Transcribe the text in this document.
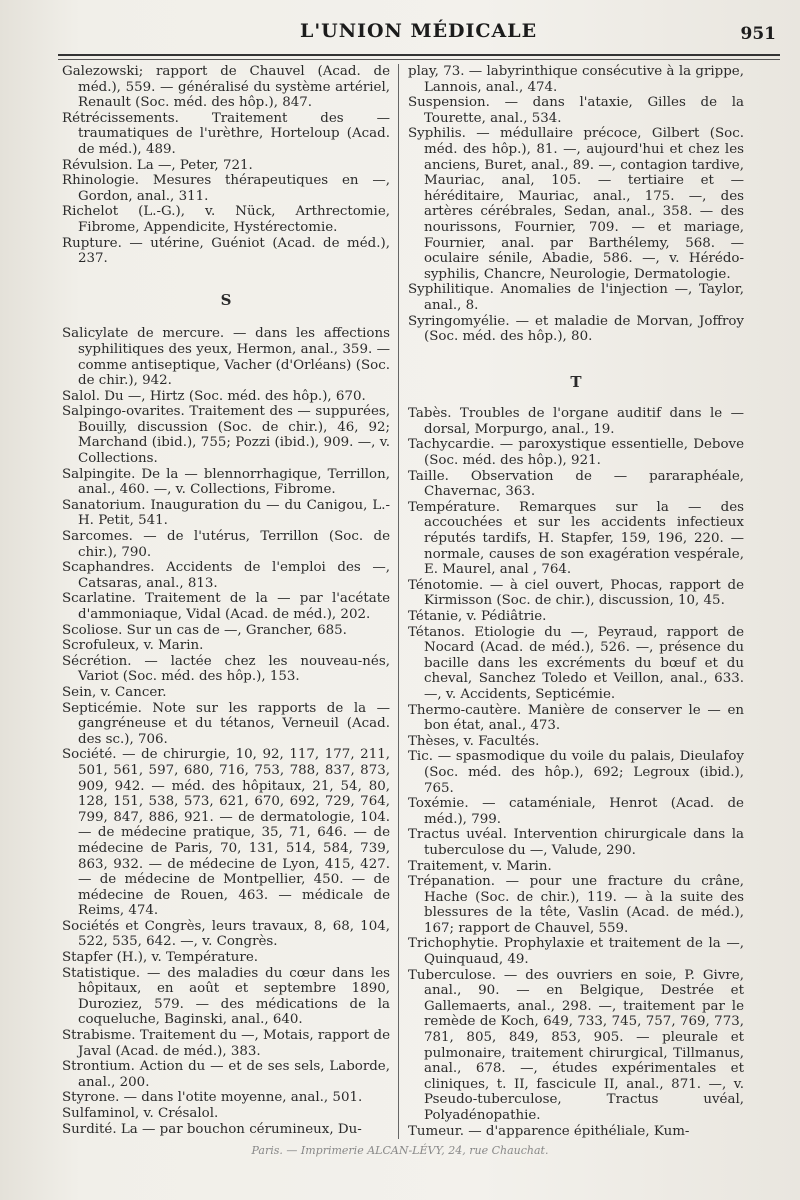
L'UNION MÉDICALE	951

Galezowski; rapport de Chauvel (Acad. de méd.), 559. — généralisé du système artériel, Renault (Soc. méd. des hôp.), 847.

Rétrécissements. Traitement des — traumatiques de l'urèthre, Horteloup (Acad. de méd.), 489.

Révulsion. La —, Peter, 721.

Rhinologie. Mesures thérapeutiques en —, Gordon, anal., 311.

Richelot (L.-G.), v. Nück, Arthrectomie, Fibrome, Appendicite, Hystérectomie.

Rupture. — utérine, Guéniot (Acad. de méd.), 237.

S

Salicylate de mercure. — dans les affections syphilitiques des yeux, Hermon, anal., 359. — comme antiseptique, Vacher (d'Orléans) (Soc. de chir.), 942.

Salol. Du —, Hirtz (Soc. méd. des hôp.), 670.

Salpingo-ovarites. Traitement des — suppurées, Bouilly, discussion (Soc. de chir.), 46, 92; Marchand (ibid.), 755; Pozzi (ibid.), 909. —, v. Collections.

Salpingite. De la — blennorrhagique, Terrillon, anal., 460. —, v. Collections, Fibrome.

Sanatorium. Inauguration du — du Canigou, L.-H. Petit, 541.

Sarcomes. — de l'utérus, Terrillon (Soc. de chir.), 790.

Scaphandres. Accidents de l'emploi des —, Catsaras, anal., 813.

Scarlatine. Traitement de la — par l'acétate d'ammoniaque, Vidal (Acad. de méd.), 202.

Scoliose. Sur un cas de —, Grancher, 685.

Scrofuleux, v. Marin.

Sécrétion. — lactée chez les nouveau-nés, Variot (Soc. méd. des hôp.), 153.

Sein, v. Cancer.

Septicémie. Note sur les rapports de la — gangréneuse et du tétanos, Verneuil (Acad. des sc.), 706.

Société. — de chirurgie, 10, 92, 117, 177, 211, 501, 561, 597, 680, 716, 753, 788, 837, 873, 909, 942. — méd. des hôpitaux, 21, 54, 80, 128, 151, 538, 573, 621, 670, 692, 729, 764, 799, 847, 886, 921. — de dermatologie, 104. — de médecine pratique, 35, 71, 646. — de médecine de Paris, 70, 131, 514, 584, 739, 863, 932. — de médecine de Lyon, 415, 427. — de médecine de Montpellier, 450. — de médecine de Rouen, 463. — médicale de Reims, 474.

Sociétés et Congrès, leurs travaux, 8, 68, 104, 522, 535, 642. —, v. Congrès.

Stapfer (H.), v. Température.

Statistique. — des maladies du cœur dans les hôpitaux, en août et septembre 1890, Duroziez, 579. — des médications de la coqueluche, Baginski, anal., 640.

Strabisme. Traitement du —, Motais, rapport de Javal (Acad. de méd.), 383.

Strontium. Action du — et de ses sels, Laborde, anal., 200.

Styrone. — dans l'otite moyenne, anal., 501.

Sulfaminol, v. Crésalol.

Surdité. La — par bouchon cérumineux, Du-

play, 73. — labyrinthique consécutive à la grippe, Lannois, anal., 474.

Suspension. — dans l'ataxie, Gilles de la Tourette, anal., 534.

Syphilis. — médullaire précoce, Gilbert (Soc. méd. des hôp.), 81. —, aujourd'hui et chez les anciens, Buret, anal., 89. —, contagion tardive, Mauriac, anal, 105. — tertiaire et — héréditaire, Mauriac, anal., 175. —, des artères cérébrales, Sedan, anal., 358. — des nourissons, Fournier, 709. — et mariage, Fournier, anal. par Barthélemy, 568. — oculaire sénile, Abadie, 586. —, v. Hérédo-syphilis, Chancre, Neurologie, Dermatologie.

Syphilitique. Anomalies de l'injection —, Taylor, anal., 8.

Syringomyélie. — et maladie de Morvan, Joffroy (Soc. méd. des hôp.), 80.

T

Tabès. Troubles de l'organe auditif dans le — dorsal, Morpurgo, anal., 19.

Tachycardie. — paroxystique essentielle, Debove (Soc. méd. des hôp.), 921.

Taille. Observation de — pararaphéale, Chavernac, 363.

Température. Remarques sur la — des accouchées et sur les accidents infectieux réputés tardifs, H. Stapfer, 159, 196, 220. — normale, causes de son exagération vespérale, E. Maurel, anal , 764.

Ténotomie. — à ciel ouvert, Phocas, rapport de Kirmisson (Soc. de chir.), discussion, 10, 45.

Tétanie, v. Pédiâtrie.

Tétanos. Etiologie du —, Peyraud, rapport de Nocard (Acad. de méd.), 526. —, présence du bacille dans les excréments du bœuf et du cheval, Sanchez Toledo et Veillon, anal., 633. —, v. Accidents, Septicémie.

Thermo-cautère. Manière de conserver le — en bon état, anal., 473.

Thèses, v. Facultés.

Tic. — spasmodique du voile du palais, Dieulafoy (Soc. méd. des hôp.), 692; Legroux (ibid.), 765.

Toxémie. — cataméniale, Henrot (Acad. de méd.), 799.

Tractus uvéal. Intervention chirurgicale dans la tuberculose du —, Valude, 290.

Traitement, v. Marin.

Trépanation. — pour une fracture du crâne, Hache (Soc. de chir.), 119. — à la suite des blessures de la tête, Vaslin (Acad. de méd.), 167; rapport de Chauvel, 559.

Trichophytie. Prophylaxie et traitement de la —, Quinquaud, 49.

Tuberculose. — des ouvriers en soie, P. Givre, anal., 90. — en Belgique, Destrée et Gallemaerts, anal., 298. —, traitement par le remède de Koch, 649, 733, 745, 757, 769, 773, 781, 805, 849, 853, 905. — pleurale et pulmonaire, traitement chirurgical, Tillmanus, anal., 678. —, études expérimentales et cliniques, t. II, fascicule II, anal., 871. —, v. Pseudo-tuberculose, Tractus uvéal, Polyadénopathie.

Tumeur. — d'apparence épithéliale, Kum-

Paris. — Imprimerie ALCAN-LÉVY, 24, rue Chauchat.
